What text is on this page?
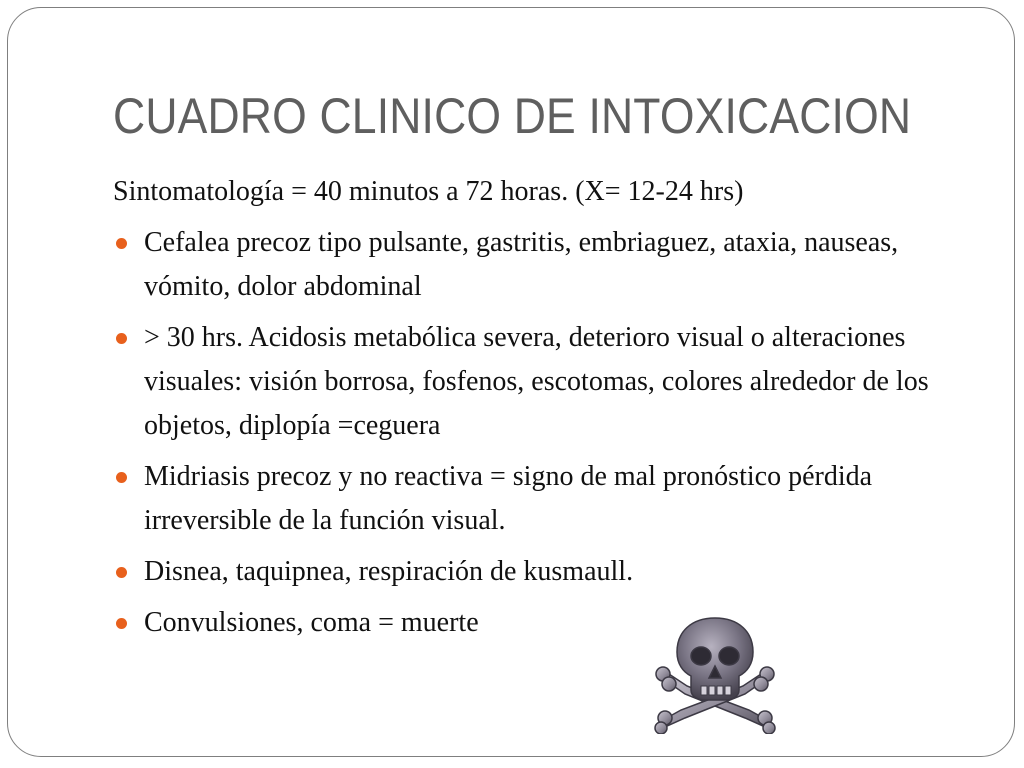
CUADRO CLINICO DE INTOXICACION

Sintomatología = 40 minutos a 72 horas. (X= 12-24 hrs)

Cefalea precoz tipo pulsante, gastritis, embriaguez, ataxia, nauseas, vómito, dolor abdominal
> 30 hrs. Acidosis metabólica severa, deterioro visual o alteraciones visuales: visión borrosa, fosfenos, escotomas, colores alrededor de los objetos, diplopía =ceguera
Midriasis precoz y no reactiva = signo de mal pronóstico pérdida irreversible de la función visual.
Disnea, taquipnea, respiración de kusmaull.
Convulsiones, coma = muerte
